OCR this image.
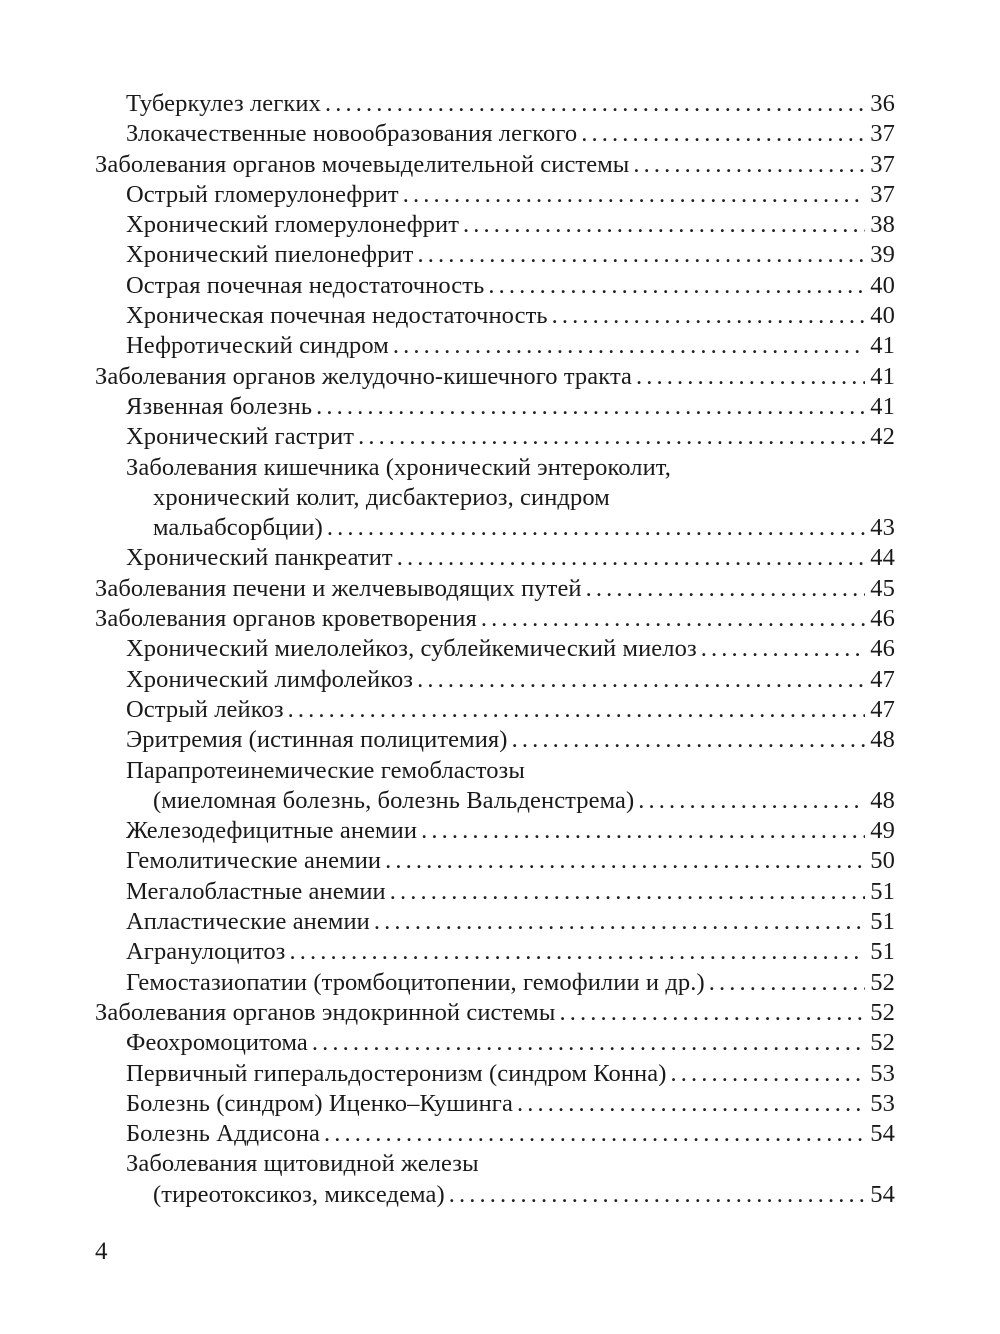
Туберкулез легких . . .	36
Злокачественные новообразования легкого . . .	37
Заболевания органов мочевыделительной системы . . .	37
Острый гломерулонефрит . . .	37
Хронический гломерулонефрит . . .	38
Хронический пиелонефрит . . .	39
Острая почечная недостаточность . . .	40
Хроническая почечная недостаточность . . .	40
Нефротический синдром . . .	41
Заболевания органов желудочно-кишечного тракта . . .	41
Язвенная болезнь . . .	41
Хронический гастрит . . .	42
Заболевания кишечника (хронический энтероколит,
хронический колит, дисбактериоз, синдром
мальабсорбции) . . .	43
Хронический панкреатит . . .	44
Заболевания печени и желчевыводящих путей . . .	45
Заболевания органов кроветворения . . .	46
Хронический миелолейкоз, сублейкемический миелоз . . .	46
Хронический лимфолейкоз . . .	47
Острый лейкоз . . .	47
Эритремия (истинная полицитемия) . . .	48
Парапротеинемические гемобластозы
(миеломная болезнь, болезнь Вальденстрема) . . .	48
Железодефицитные анемии . . .	49
Гемолитические анемии . . .	50
Мегалобластные анемии . . .	51
Апластические анемии . . .	51
Агранулоцитоз . . .	51
Гемостазиопатии (тромбоцитопении, гемофилии и др.) . . .	52
Заболевания органов эндокринной системы . . .	52
Феохромоцитома . . .	52
Первичный гиперальдостеронизм (синдром Конна) . . .	53
Болезнь (синдром) Иценко–Кушинга . . .	53
Болезнь Аддисона . . .	54
Заболевания щитовидной железы
(тиреотоксикоз, микседема) . . .	54
4
